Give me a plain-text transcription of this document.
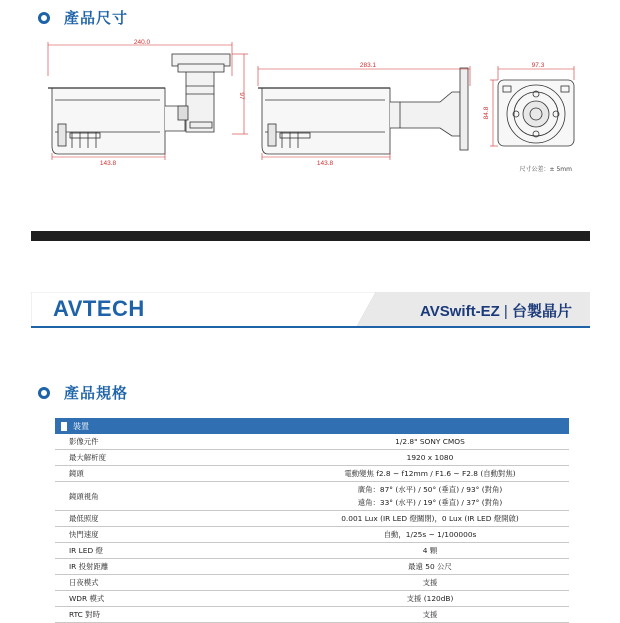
產品尺寸
240.0
143.8
97
283.1
143.8
97.3
84.8
尺寸公差：± 5mm
AVTECH	AVSwift-EZ | 台製晶片
產品規格
裝置
影像元件	1/2.8" SONY CMOS

最大解析度	1920 x 1080

鏡頭	電動變焦 f2.8 ~ f12mm / F1.6 ~ F2.8 (自動對焦)

鏡頭視角	廣角：87° (水平) / 50° (垂直) / 93° (對角)
遠角：33° (水平) / 19° (垂直) / 37° (對角)

最低照度	0.001 Lux (IR LED 燈關閉)，0 Lux (IR LED 燈開啟)

快門速度	自動，1/25s ~ 1/100000s

IR LED 燈	4 顆

IR 投射距離	最遠 50 公尺

日夜模式	支援

WDR 模式	支援 (120dB)

RTC 對時	支援
